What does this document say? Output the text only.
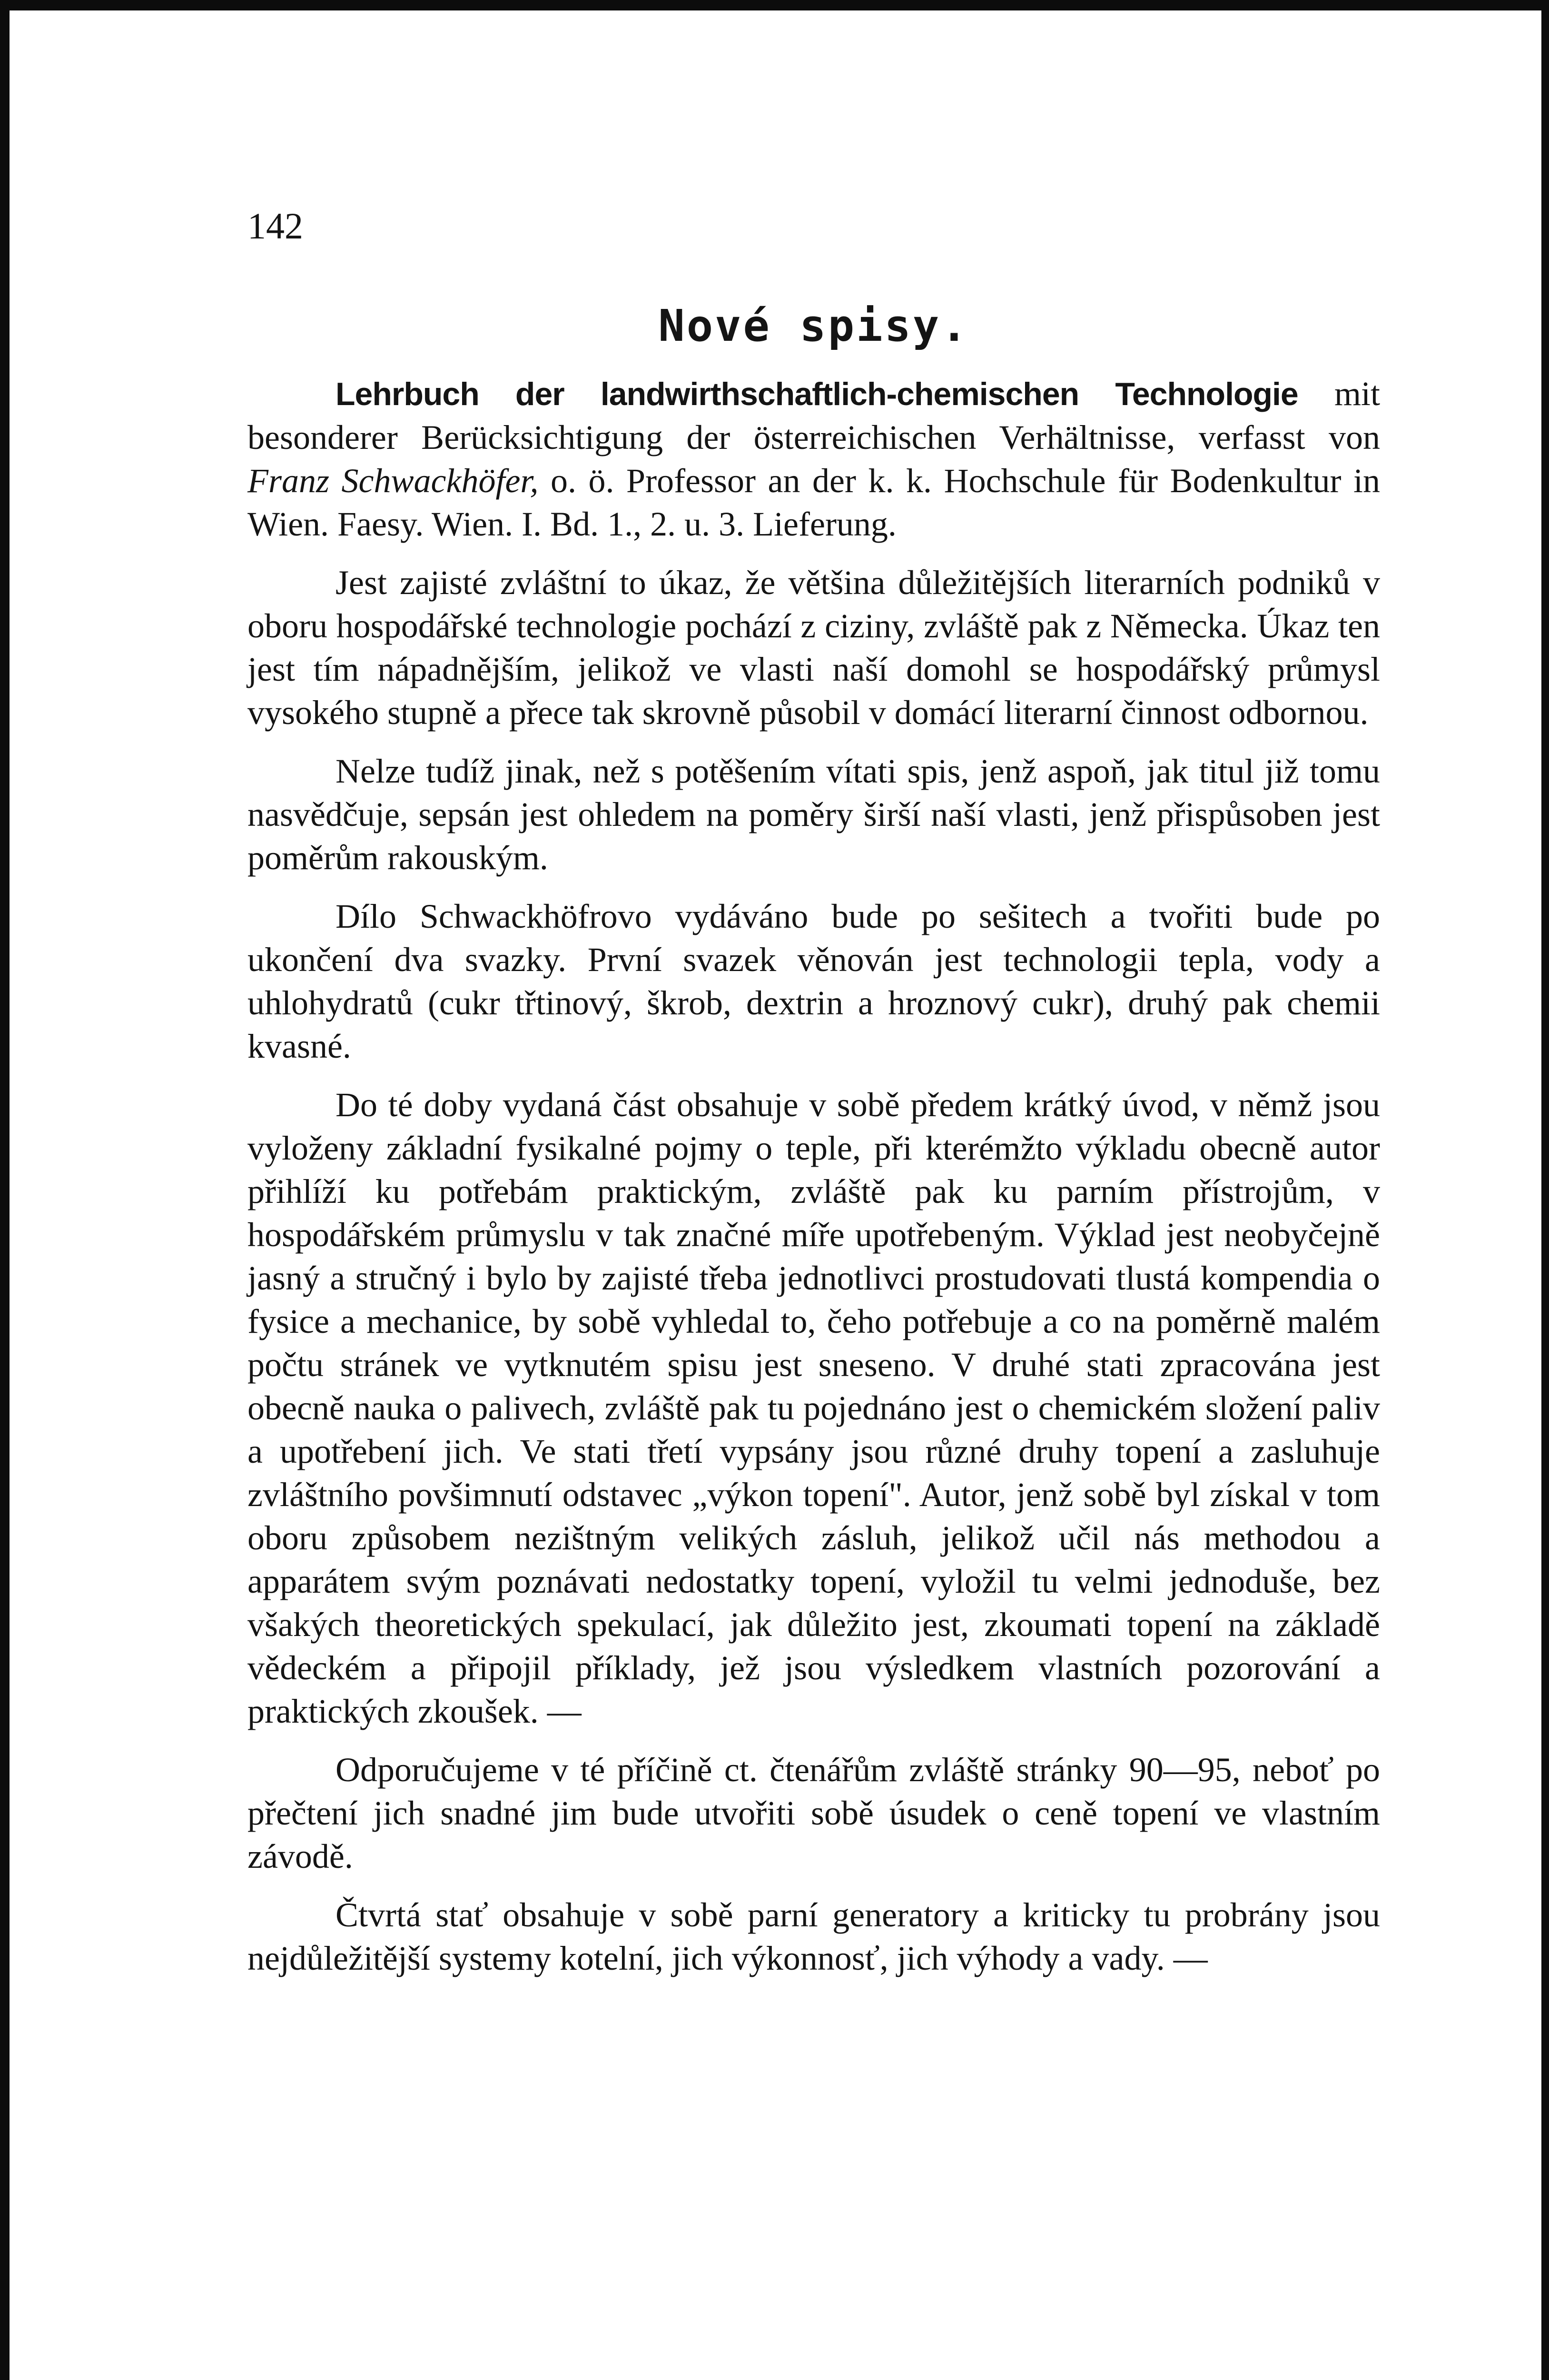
142
Nové spisy.

Lehrbuch der landwirthschaftlich-chemischen Technologie mit besonderer Berücksichtigung der österreichischen Verhältnisse, verfasst von Franz Schwackhöfer, o. ö. Professor an der k. k. Hochschule für Bodenkultur in Wien. Faesy. Wien. I. Bd. 1., 2. u. 3. Lieferung.

Jest zajisté zvláštní to úkaz, že většina důležitějších literarních podniků v oboru hospodářské technologie pochází z ciziny, zvláště pak z Německa. Úkaz ten jest tím nápadnějším, jelikož ve vlasti naší domohl se hospodářský průmysl vysokého stupně a přece tak skrovně působil v domácí literarní činnost odbornou.

Nelze tudíž jinak, než s potěšením vítati spis, jenž aspoň, jak titul již tomu nasvědčuje, sepsán jest ohledem na poměry širší naší vlasti, jenž přispůsoben jest poměrům rakouským.

Dílo Schwackhöfrovo vydáváno bude po sešitech a tvořiti bude po ukončení dva svazky. První svazek věnován jest technologii tepla, vody a uhlohydratů (cukr třtinový, škrob, dextrin a hroznový cukr), druhý pak chemii kvasné.

Do té doby vydaná část obsahuje v sobě předem krátký úvod, v němž jsou vyloženy základní fysikalné pojmy o teple, při kterémžto výkladu obecně autor přihlíží ku potřebám praktickým, zvláště pak ku parním přístrojům, v hospodářském průmyslu v tak značné míře upotřebeným. Výklad jest neobyčejně jasný a stručný i bylo by zajisté třeba jednotlivci prostudovati tlustá kompendia o fysice a mechanice, by sobě vyhledal to, čeho potřebuje a co na poměrně malém počtu stránek ve vytknutém spisu jest sneseno. V druhé stati zpracována jest obecně nauka o palivech, zvláště pak tu pojednáno jest o chemickém složení paliv a upotřebení jich. Ve stati třetí vypsány jsou různé druhy topení a zasluhuje zvláštního povšimnutí odstavec „výkon topení". Autor, jenž sobě byl získal v tom oboru způsobem nezištným velikých zásluh, jelikož učil nás methodou a apparátem svým poznávati nedostatky topení, vyložil tu velmi jednoduše, bez všakých theoretických spekulací, jak důležito jest, zkoumati topení na základě vědeckém a připojil příklady, jež jsou výsledkem vlastních pozorování a praktických zkoušek. —

Odporučujeme v té příčině ct. čtenářům zvláště stránky 90—95, neboť po přečtení jich snadné jim bude utvořiti sobě úsudek o ceně topení ve vlastním závodě.

Čtvrtá stať obsahuje v sobě parní generatory a kriticky tu probrány jsou nejdůležitější systemy kotelní, jich výkonnosť, jich výhody a vady. —
